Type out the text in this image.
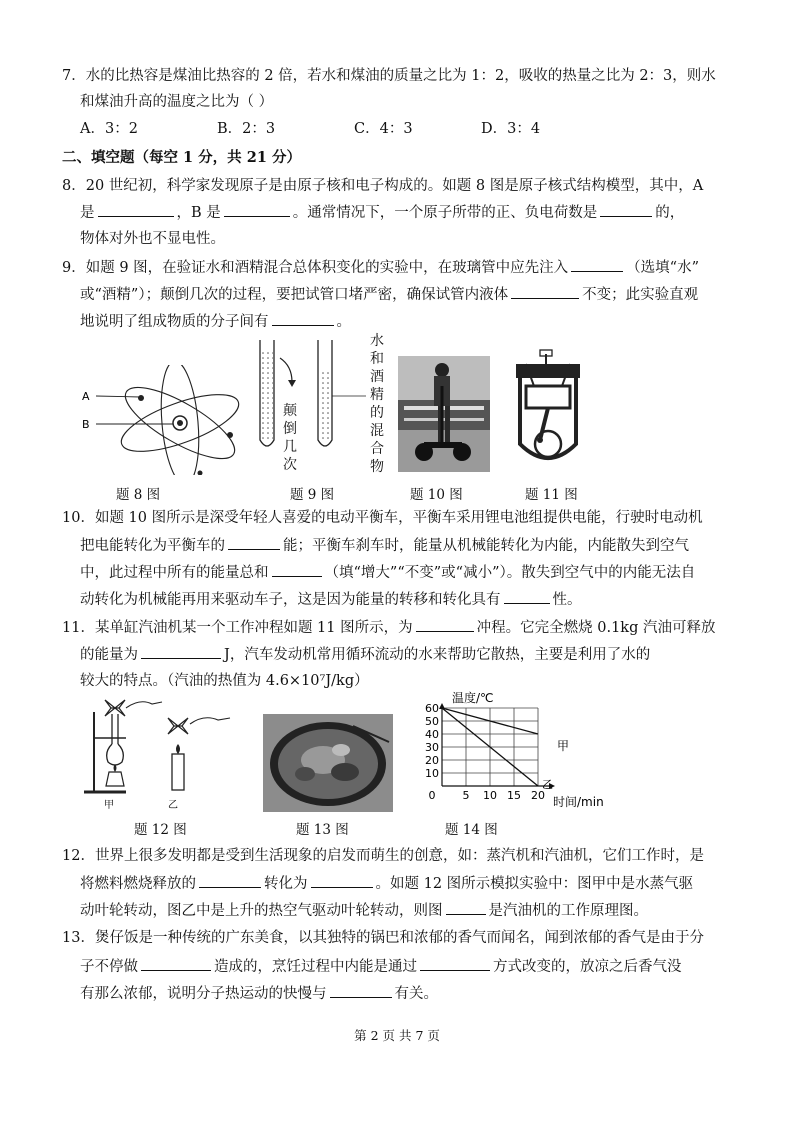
7．水的比热容是煤油比热容的 2 倍，若水和煤油的质量之比为 1：2，吸收的热量之比为 2：3，则水
和煤油升高的温度之比为（ ）
A．3：2	B．2：3	C．4：3	D．3：4
二、填空题（每空 1 分，共 21 分）
8．20 世纪初，科学家发现原子是由原子核和电子构成的。如题 8 图是原子核式结构模型，其中，A
是	，B 是	。通常情况下，一个原子所带的正、负电荷数是	的，
物体对外也不显电性。
9．如题 9 图，在验证水和酒精混合总体积变化的实验中，在玻璃管中应先注入	（选填“水”
或“酒精”）；颠倒几次的过程，要把试管口堵严密，确保试管内液体	不变；此实验直观
地说明了组成物质的分子间有	。
A
B
题 8 图
颠
倒
几
次
水
和
酒
精
的
混
合
物
题 9 图	题 10 图	题 11 图
10．如题 10 图所示是深受年轻人喜爱的电动平衡车，平衡车采用锂电池组提供电能，行驶时电动机
把电能转化为平衡车的	能；平衡车刹车时，能量从机械能转化为内能，内能散失到空气
中，此过程中所有的能量总和	（填“增大”“不变”或“减小”）。散失到空气中的内能无法自
动转化为机械能再用来驱动车子，这是因为能量的转移和转化具有	性。
11．某单缸汽油机某一个工作冲程如题 11 图所示，为	冲程。它完全燃烧 0.1kg 汽油可释放
的能量为	J，汽车发动机常用循环流动的水来帮助它散热，主要是利用了水的
较大的特点。（汽油的热值为 4.6×10⁷J/kg）
甲	乙
题 12 图	题 13 图
10
20
30
40
50
60
0 5 10 15 20
温度/℃
时间/min
甲
乙
题 14 图
12．世界上很多发明都是受到生活现象的启发而萌生的创意，如：蒸汽机和汽油机，它们工作时，是
将燃料燃烧释放的	转化为	。如题 12 图所示模拟实验中：图甲中是水蒸气驱
动叶轮转动，图乙中是上升的热空气驱动叶轮转动，则图	是汽油机的工作原理图。
13．煲仔饭是一种传统的广东美食，以其独特的锅巴和浓郁的香气而闻名，闻到浓郁的香气是由于分
子不停做	造成的，烹饪过程中内能是通过	方式改变的，放凉之后香气没
有那么浓郁，说明分子热运动的快慢与	有关。
第 2 页 共 7 页
